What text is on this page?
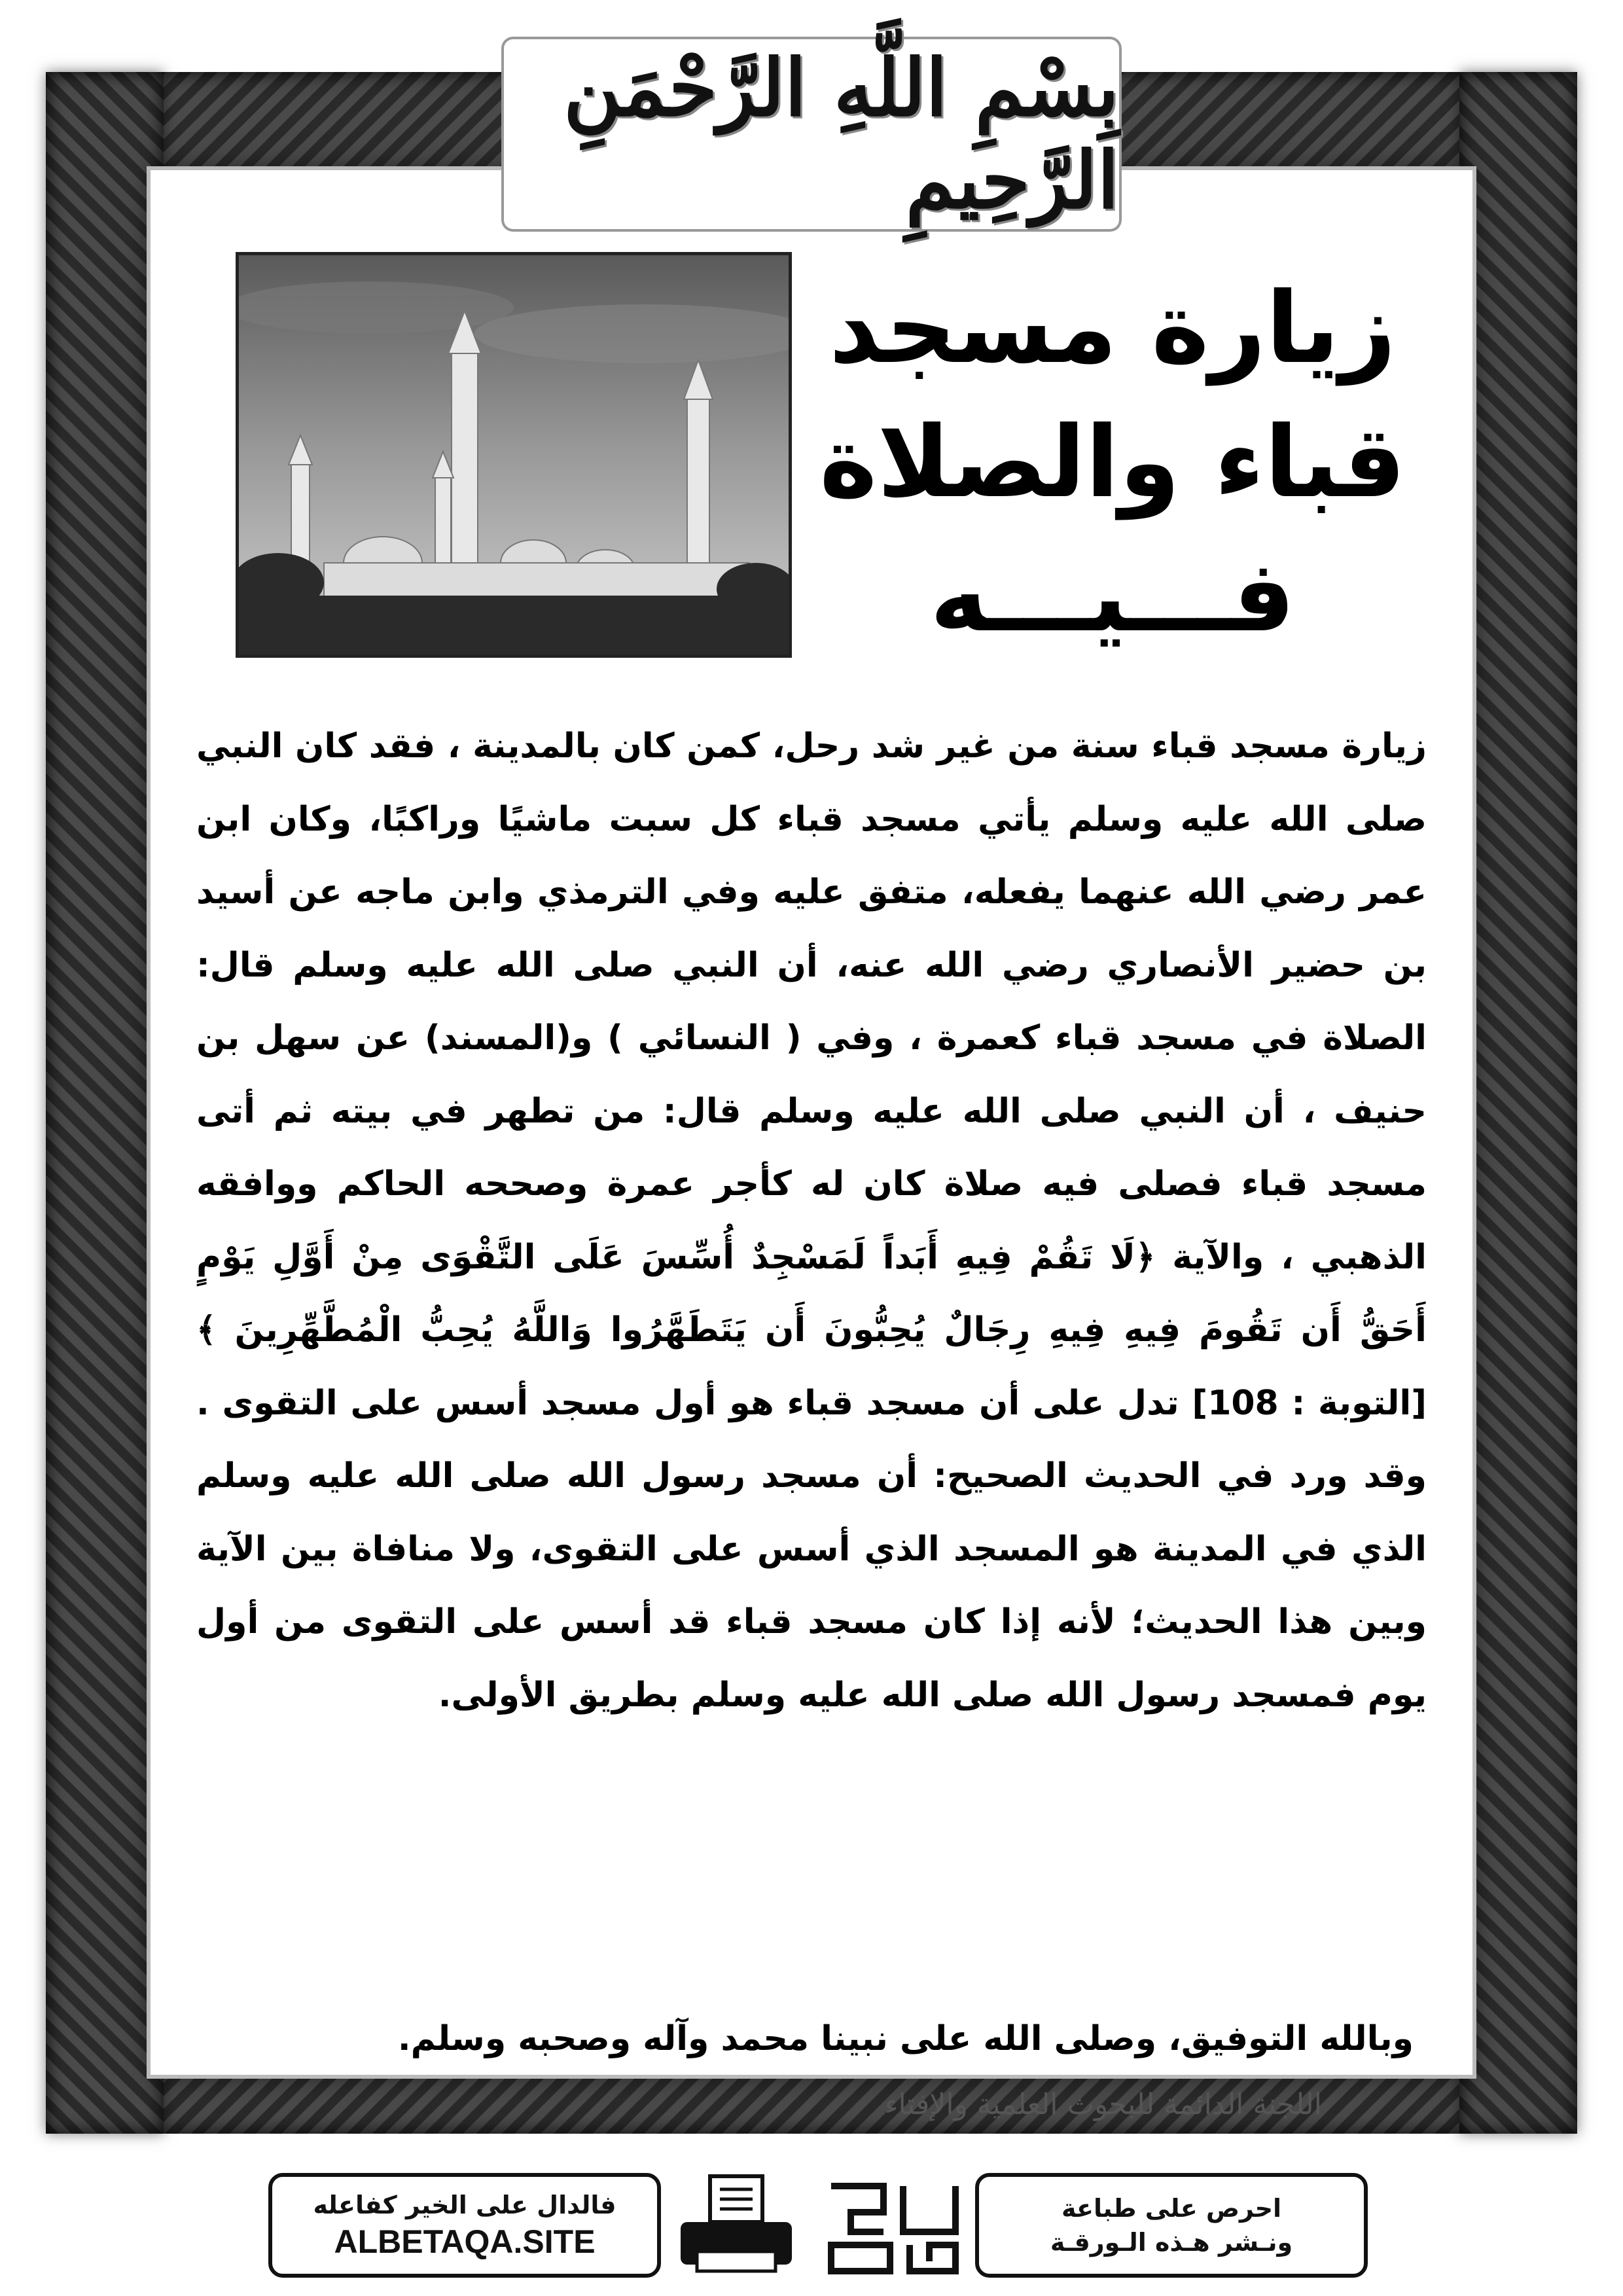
بِسْمِ اللَّهِ الرَّحْمَنِ الرَّحِيمِ
زيارة مسجد
قباء والصلاة
فـــيـــه

زيارة مسجد قباء سنة من غير شد رحل، كمن كان بالمدينة ، فقد كان النبي صلى الله عليه وسلم يأتي مسجد قباء كل سبت ماشيًا وراكبًا، وكان ابن عمر رضي الله عنهما يفعله، متفق عليه وفي الترمذي وابن ماجه عن أسيد بن حضير الأنصاري رضي الله عنه، أن النبي صلى الله عليه وسلم قال: الصلاة في مسجد قباء كعمرة ، وفي ( النسائي ) و(المسند) عن سهل بن حنيف ، أن النبي صلى الله عليه وسلم قال: من تطهر في بيته ثم أتى مسجد قباء فصلى فيه صلاة كان له كأجر عمرة وصححه الحاكم ووافقه الذهبي ، والآية ﴿لَا تَقُمْ فِيهِ أَبَداً لَمَسْجِدٌ أُسِّسَ عَلَى التَّقْوَى مِنْ أَوَّلِ يَوْمٍ أَحَقُّ أَن تَقُومَ فِيهِ فِيهِ رِجَالٌ يُحِبُّونَ أَن يَتَطَهَّرُوا وَاللَّهُ يُحِبُّ الْمُطَّهِّرِينَ ﴾ [التوبة : 108] تدل على أن مسجد قباء هو أول مسجد أسس على التقوى . وقد ورد في الحديث الصحيح: أن مسجد رسول الله صلى الله عليه وسلم الذي في المدينة هو المسجد الذي أسس على التقوى، ولا منافاة بين الآية وبين هذا الحديث؛ لأنه إذا كان مسجد قباء قد أسس على التقوى من أول يوم فمسجد رسول الله صلى الله عليه وسلم بطريق الأولى.

وبالله التوفيق، وصلى الله على نبينا محمد وآله وصحبه وسلم.
اللجنة الدائمة للبحوث العلمية والإفتاء
فالدال على الخير كفاعله
ALBETAQA.SITE
احرص على طباعة
ونـشر هـذه الـورقـة
